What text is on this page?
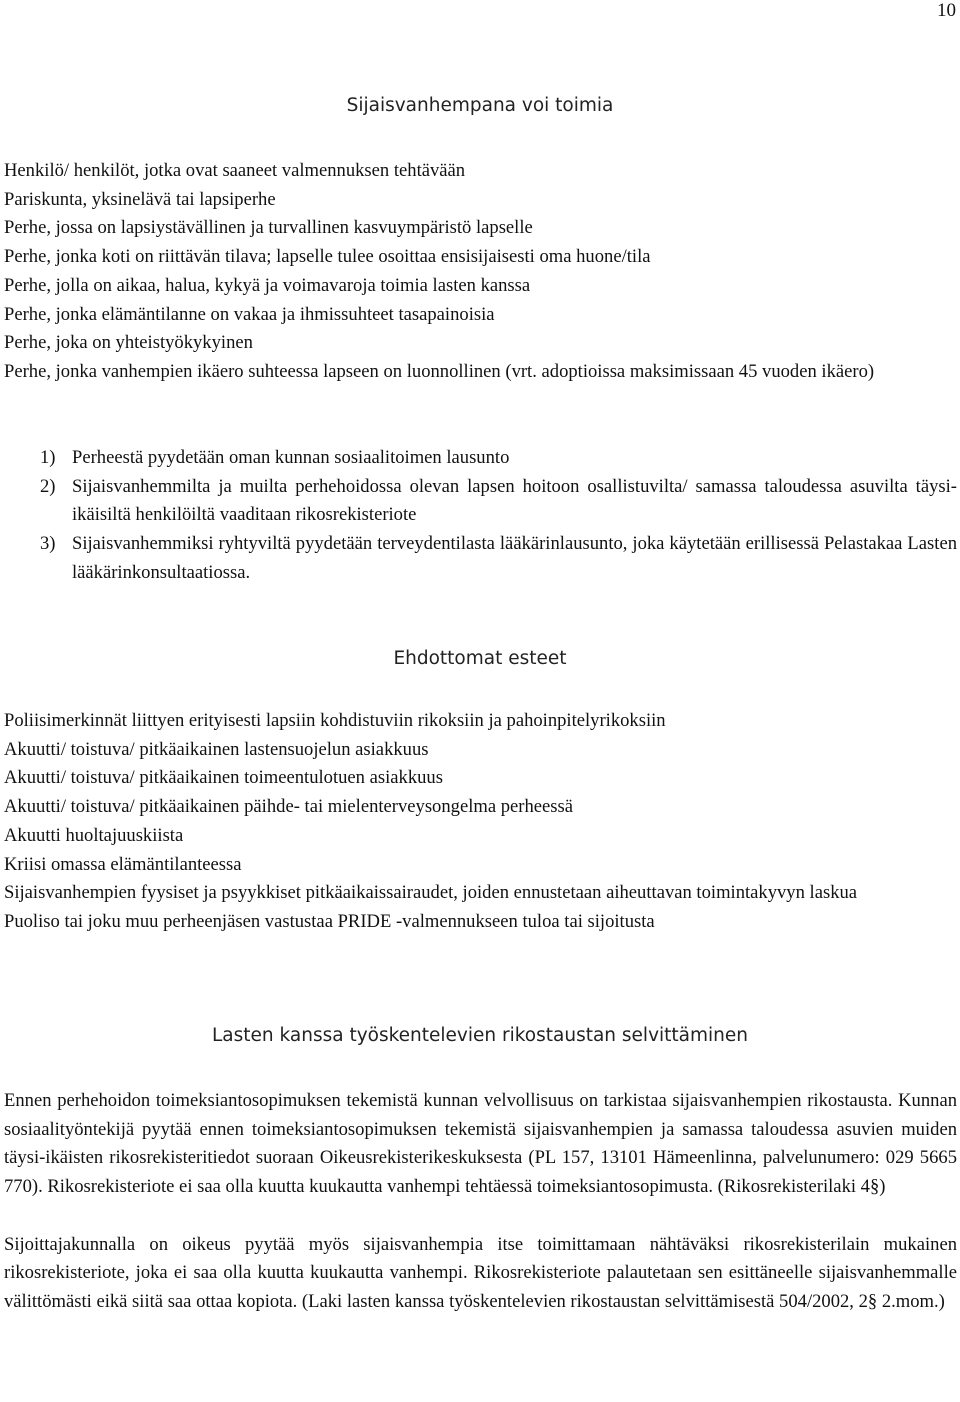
10
Sijaisvanhempana voi toimia
Henkilö/ henkilöt, jotka ovat saaneet valmennuksen tehtävään
Pariskunta, yksinelävä tai lapsiperhe
Perhe, jossa on lapsiystävällinen ja turvallinen kasvuympäristö lapselle
Perhe, jonka koti on riittävän tilava; lapselle tulee osoittaa ensisijaisesti oma huone/tila
Perhe, jolla on aikaa, halua, kykyä ja voimavaroja toimia lasten kanssa
Perhe, jonka elämäntilanne on vakaa ja ihmissuhteet tasapainoisia
Perhe, joka on yhteistyökykyinen
Perhe, jonka vanhempien ikäero suhteessa lapseen on luonnollinen (vrt. adoptioissa maksimissaan 45 vuoden ikäero)
1) Perheestä pyydetään oman kunnan sosiaalitoimen lausunto
2) Sijaisvanhemmilta ja muilta perhehoidossa olevan lapsen hoitoon osallistuvilta/ samassa taloudessa asuvilta täysi-ikäisiltä henkilöiltä vaaditaan rikosrekisteriote
3) Sijaisvanhemmiksi ryhtyviltä pyydetään terveydentilasta lääkärinlausunto, joka käytetään erillisessä Pelastakaa Lasten lääkärinkonsultaatiossa.
Ehdottomat esteet
Poliisimerkinnät liittyen erityisesti lapsiin kohdistuviin rikoksiin ja pahoinpitelyrikoksiin
Akuutti/ toistuva/ pitkäaikainen lastensuojelun asiakkuus
Akuutti/ toistuva/ pitkäaikainen toimeentulotuen asiakkuus
Akuutti/ toistuva/ pitkäaikainen päihde- tai mielenterveysongelma perheessä
Akuutti huoltajuuskiista
Kriisi omassa elämäntilanteessa
Sijaisvanhempien fyysiset ja psyykkiset pitkäaikaissairaudet, joiden ennustetaan aiheuttavan toimintakyvyn laskua
Puoliso tai joku muu perheenjäsen vastustaa PRIDE -valmennukseen tuloa tai sijoitusta
Lasten kanssa työskentelevien rikostaustan selvittäminen

Ennen perhehoidon toimeksiantosopimuksen tekemistä kunnan velvollisuus on tarkistaa sijaisvanhempien rikostausta. Kunnan sosiaalityöntekijä pyytää ennen toimeksiantosopimuksen tekemistä sijaisvanhempien ja samassa taloudessa asuvien muiden täysi-ikäisten rikosrekisteritiedot suoraan Oikeusrekisterikeskuksesta (PL 157, 13101 Hämeenlinna, palvelunumero: 029 5665 770). Rikosrekisteriote ei saa olla kuutta kuukautta vanhempi tehtäessä toimeksiantosopimusta. (Rikosrekisterilaki 4§)

Sijoittajakunnalla on oikeus pyytää myös sijaisvanhempia itse toimittamaan nähtäväksi rikosrekisterilain mukainen rikosrekisteriote, joka ei saa olla kuutta kuukautta vanhempi. Rikosrekisteriote palautetaan sen esittäneelle sijaisvanhemmalle välittömästi eikä siitä saa ottaa kopiota. (Laki lasten kanssa työskentelevien rikostaustan selvittämisestä 504/2002, 2§ 2.mom.)
